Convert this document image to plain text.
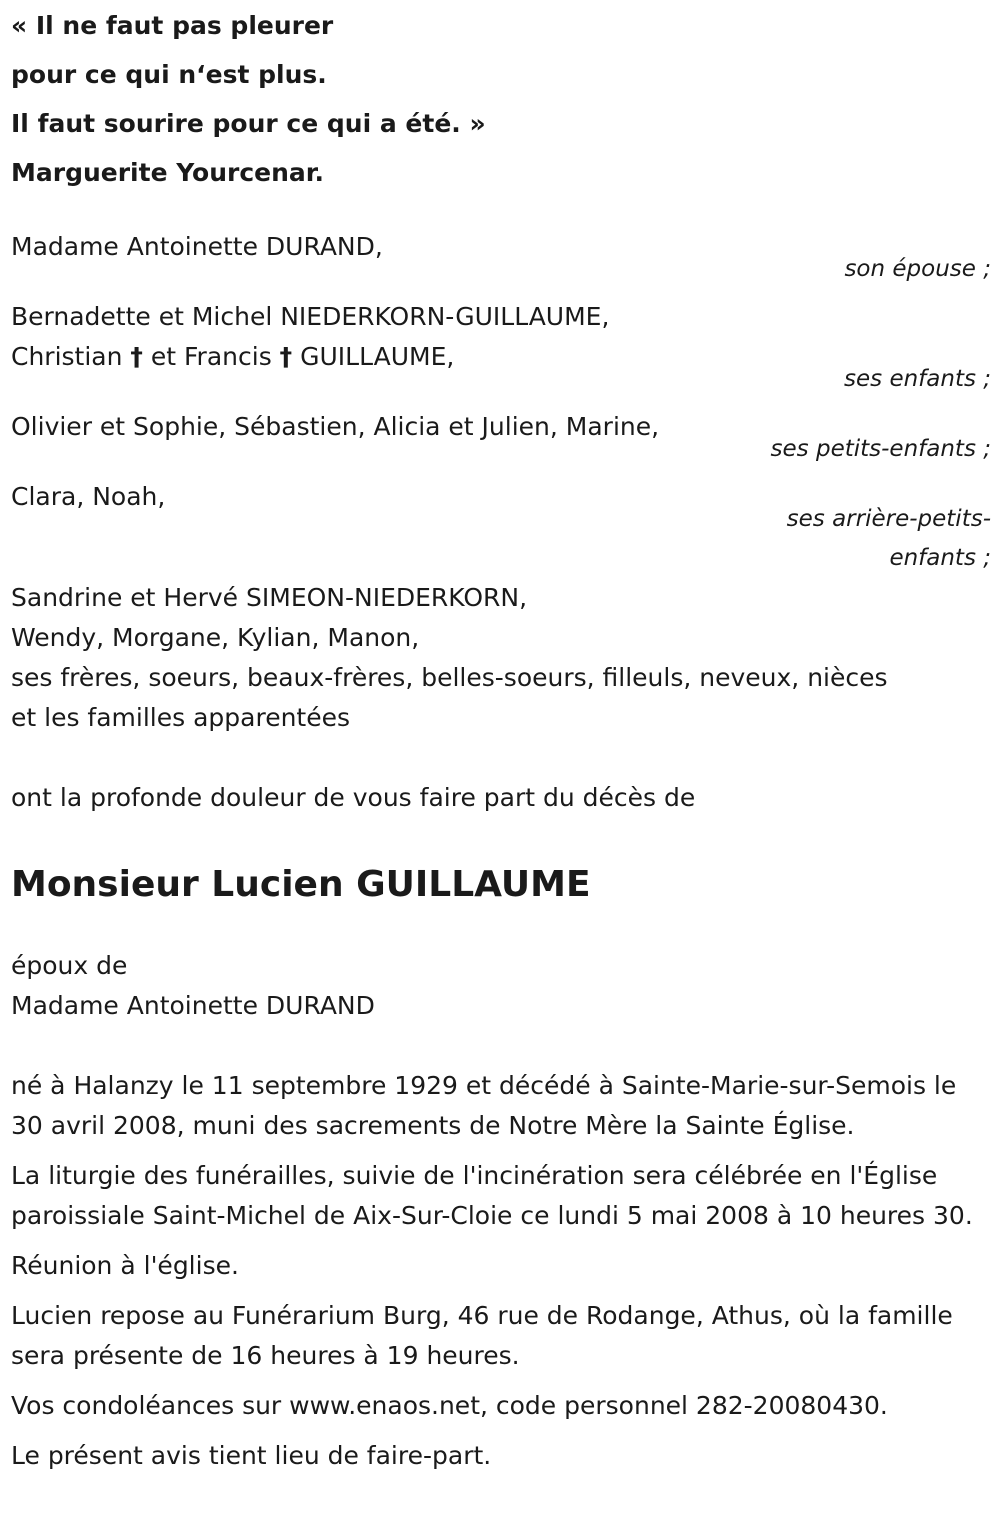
« Il ne faut pas pleurer
pour ce qui n‘est plus.
Il faut sourire pour ce qui a été. »
Marguerite Yourcenar.
Madame Antoinette DURAND,
son épouse ;
Bernadette et Michel NIEDERKORN-GUILLAUME,
Christian † et Francis † GUILLAUME,
ses enfants ;
Olivier et Sophie, Sébastien, Alicia et Julien, Marine,
ses petits-enfants ;
Clara, Noah,
ses arrière-petits-
enfants ;
Sandrine et Hervé SIMEON-NIEDERKORN,
Wendy, Morgane, Kylian, Manon,
ses frères, soeurs, beaux-frères, belles-soeurs, filleuls, neveux, nièces
et les familles apparentées
ont la profonde douleur de vous faire part du décès de
Monsieur Lucien GUILLAUME
époux de
Madame Antoinette DURAND
né à Halanzy le 11 septembre 1929 et décédé à Sainte-Marie-sur-Semois le 30 avril 2008, muni des sacrements de Notre Mère la Sainte Église.
La liturgie des funérailles, suivie de l'incinération sera célébrée en l'Église paroissiale Saint-Michel de Aix-Sur-Cloie ce lundi 5 mai 2008 à 10 heures 30.
Réunion à l'église.
Lucien repose au Funérarium Burg, 46 rue de Rodange, Athus, où la famille sera présente de 16 heures à 19 heures.
Vos condoléances sur www.enaos.net, code personnel 282-20080430.
Le présent avis tient lieu de faire-part.
